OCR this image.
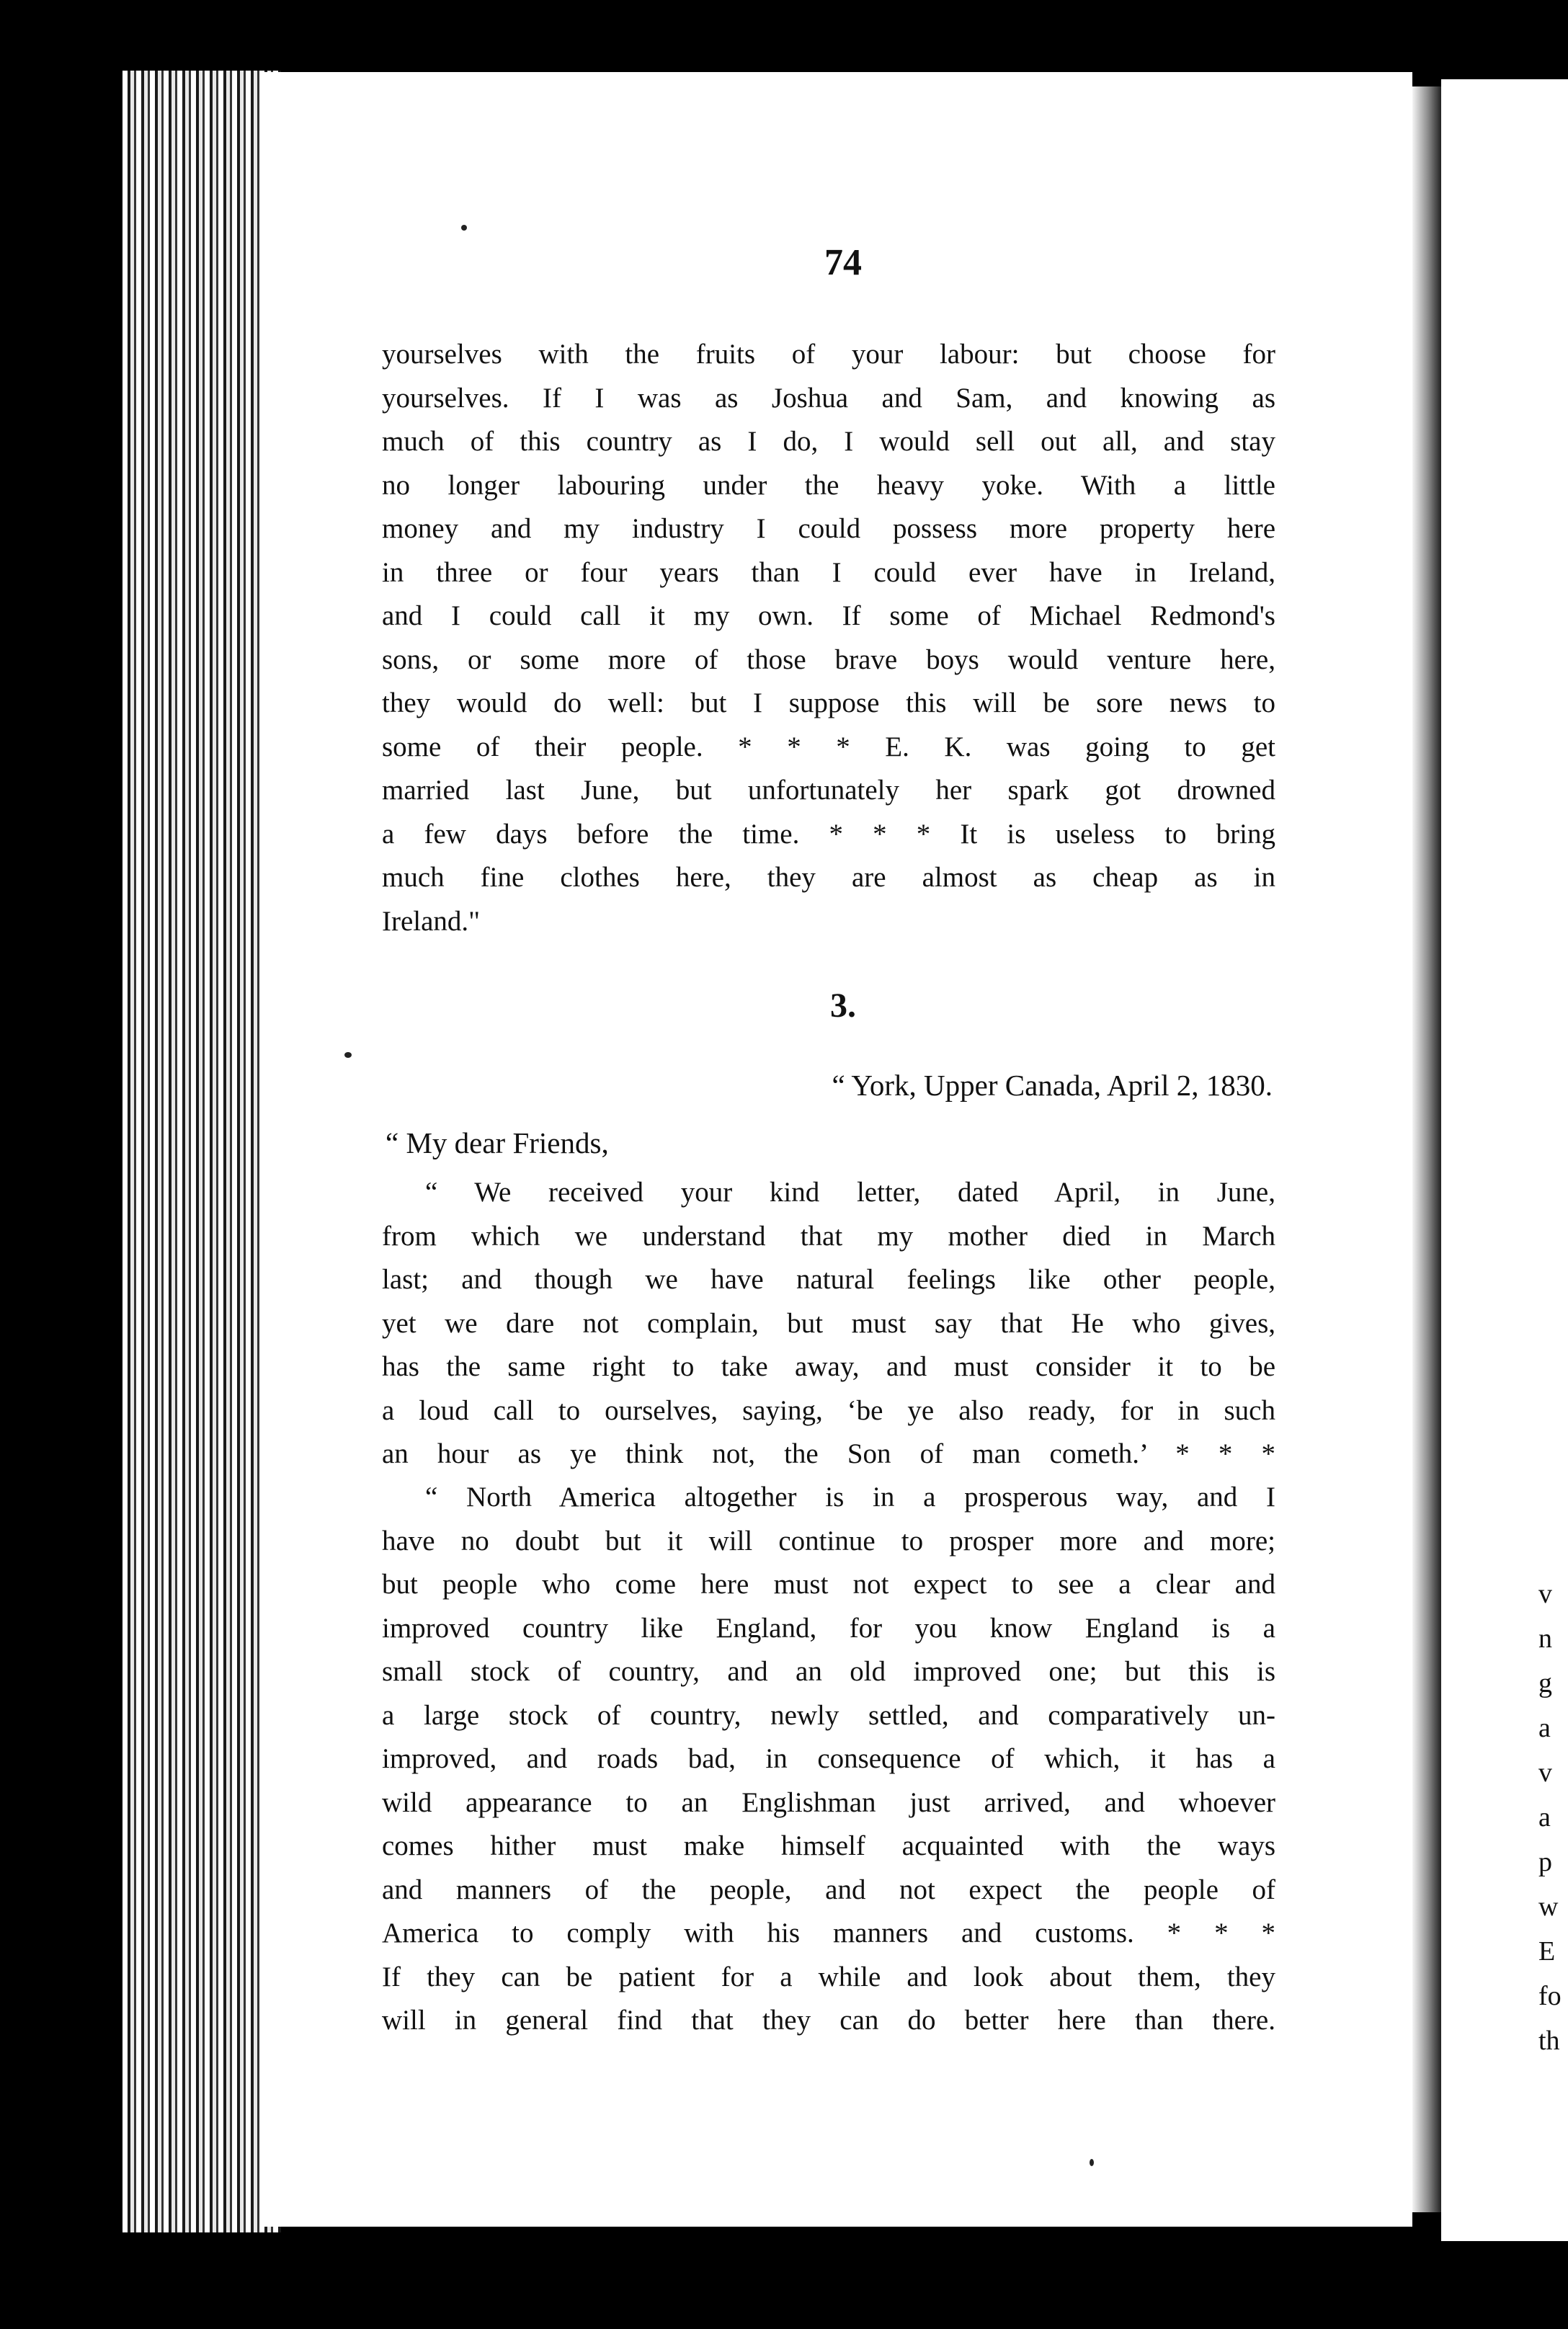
v
n
g
a
v
a
p
w
E
fo
th
74
yourselves with the fruits of your labour: but choose for
yourselves. If I was as Joshua and Sam, and knowing as
much of this country as I do, I would sell out all, and stay
no longer labouring under the heavy yoke. With a little
money and my industry I could possess more property here
in three or four years than I could ever have in Ireland,
and I could call it my own. If some of Michael Redmond's
sons, or some more of those brave boys would venture here,
they would do well: but I suppose this will be sore news to
some of their people. * * * E. K. was going to get
married last June, but unfortunately her spark got drowned
a few days before the time. * * * It is useless to bring
much fine clothes here, they are almost as cheap as in
Ireland."
3.
“ York, Upper Canada, April 2, 1830.
“ My dear Friends,
“ We received your kind letter, dated April, in June,
from which we understand that my mother died in March
last; and though we have natural feelings like other people,
yet we dare not complain, but must say that He who gives,
has the same right to take away, and must consider it to be
a loud call to ourselves, saying, ‘be ye also ready, for in such
an hour as ye think not, the Son of man cometh.’ * * *
“ North America altogether is in a prosperous way, and I
have no doubt but it will continue to prosper more and more;
but people who come here must not expect to see a clear and
improved country like England, for you know England is a
small stock of country, and an old improved one; but this is
a large stock of country, newly settled, and comparatively un-
improved, and roads bad, in consequence of which, it has a
wild appearance to an Englishman just arrived, and whoever
comes hither must make himself acquainted with the ways
and manners of the people, and not expect the people of
America to comply with his manners and customs. * * *
If they can be patient for a while and look about them, they
will in general find that they can do better here than there.
